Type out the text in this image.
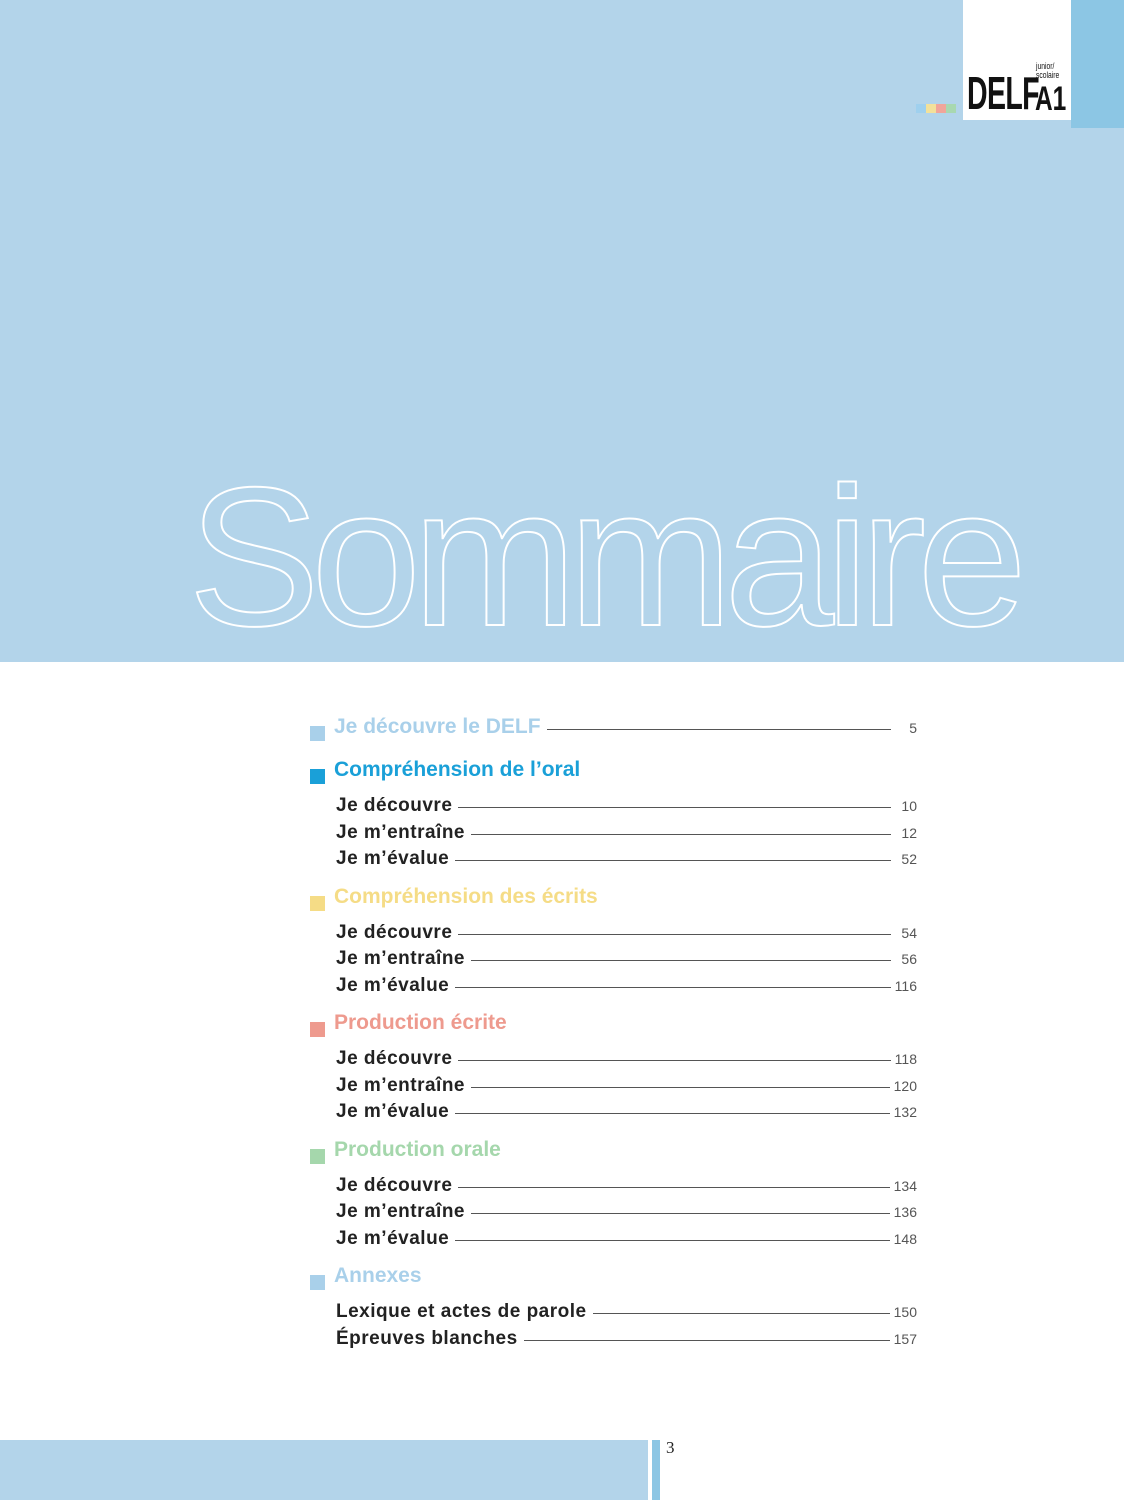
DELF
junior/
scolaire
A1
Sommaire
Je découvre le DELF	5
Compréhension de l’oral
Je découvre	10
Je m’entraîne	12
Je m’évalue	52
Compréhension des écrits
Je découvre	54
Je m’entraîne	56
Je m’évalue	116
Production écrite
Je découvre	118
Je m’entraîne	120
Je m’évalue	132
Production orale
Je découvre	134
Je m’entraîne	136
Je m’évalue	148
Annexes
Lexique et actes de parole	150
Épreuves blanches	157
3
